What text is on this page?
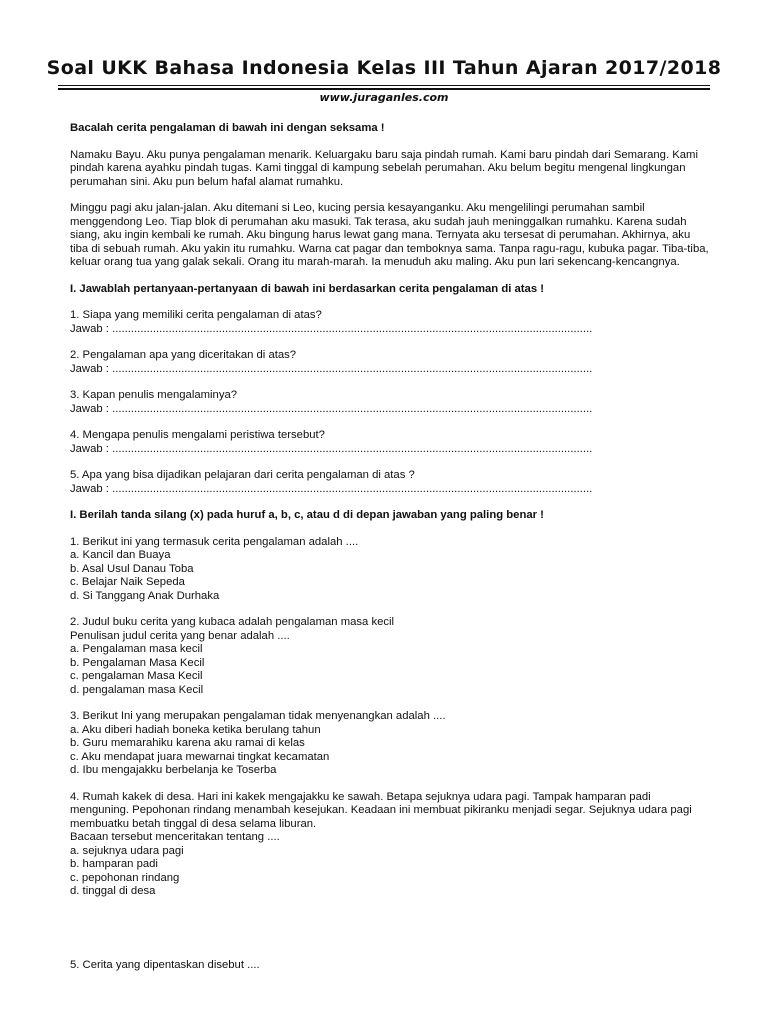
Soal UKK Bahasa Indonesia Kelas III Tahun Ajaran 2017/2018
www.juraganles.com

Bacalah cerita pengalaman di bawah ini dengan seksama !

Namaku Bayu. Aku punya pengalaman menarik. Keluargaku baru saja pindah rumah. Kami baru pindah dari Semarang. Kami pindah karena ayahku pindah tugas. Kami tinggal di kampung sebelah perumahan. Aku belum begitu mengenal lingkungan perumahan sini. Aku pun belum hafal alamat rumahku.

Minggu pagi aku jalan-jalan. Aku ditemani si Leo, kucing persia kesayanganku. Aku mengelilingi perumahan sambil menggendong Leo. Tiap blok di perumahan aku masuki. Tak terasa, aku sudah jauh meninggalkan rumahku. Karena sudah siang, aku ingin kembali ke rumah. Aku bingung harus lewat gang mana. Ternyata aku tersesat di perumahan. Akhirnya, aku tiba di sebuah rumah. Aku yakin itu rumahku. Warna cat pagar dan temboknya sama. Tanpa ragu-ragu, kubuka pagar. Tiba-tiba, keluar orang tua yang galak sekali. Orang itu marah-marah. Ia menuduh aku maling. Aku pun lari sekencang-kencangnya.

I. Jawablah pertanyaan-pertanyaan di bawah ini berdasarkan cerita pengalaman di atas !

1. Siapa yang memiliki cerita pengalaman di atas?
Jawab : .........................................................................................................................................................
2. Pengalaman apa yang diceritakan di atas?
Jawab : .........................................................................................................................................................
3. Kapan penulis mengalaminya?
Jawab : .........................................................................................................................................................
4. Mengapa penulis mengalami peristiwa tersebut?
Jawab : .........................................................................................................................................................
5. Apa yang bisa dijadikan pelajaran dari cerita pengalaman di atas ?
Jawab : .........................................................................................................................................................

I. Berilah tanda silang (x) pada huruf a, b, c, atau d di depan jawaban yang paling benar !

1. Berikut ini yang termasuk cerita pengalaman adalah ....
a. Kancil dan Buaya
b. Asal Usul Danau Toba
c. Belajar Naik Sepeda
d. Si Tanggang Anak Durhaka
2. Judul buku cerita yang kubaca adalah pengalaman masa kecil
Penulisan judul cerita yang benar adalah ....
a. Pengalaman masa kecil
b. Pengalaman Masa Kecil
c. pengalaman Masa Kecil
d. pengalaman masa Kecil
3. Berikut Ini yang merupakan pengalaman tidak menyenangkan adalah ....
a. Aku diberi hadiah boneka ketika berulang tahun
b. Guru memarahiku karena aku ramai di kelas
c. Aku mendapat juara mewarnai tingkat kecamatan
d. Ibu mengajakku berbelanja ke Toserba
4. Rumah kakek di desa. Hari ini kakek mengajakku ke sawah. Betapa sejuknya udara pagi. Tampak hamparan padi menguning. Pepohonan rindang menambah kesejukan. Keadaan ini membuat pikiranku menjadi segar. Sejuknya udara pagi membuatku betah tinggal di desa selama liburan.
Bacaan tersebut menceritakan tentang ....
a. sejuknya udara pagi
b. hamparan padi
c. pepohonan rindang
d. tinggal di desa
5. Cerita yang dipentaskan disebut ....
